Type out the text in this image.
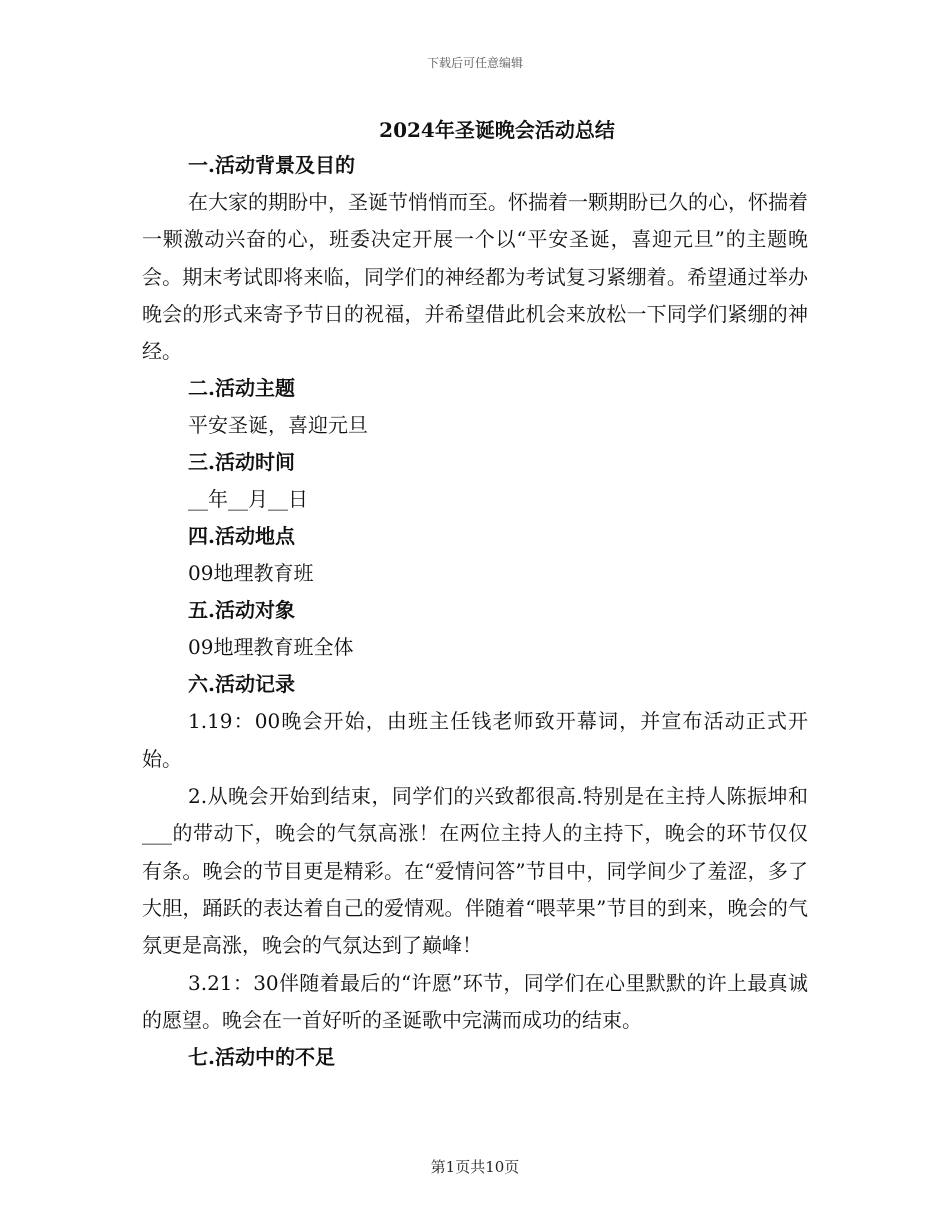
下载后可任意编辑
2024年圣诞晚会活动总结
一.活动背景及目的

在大家的期盼中，圣诞节悄悄而至。怀揣着一颗期盼已久的心，怀揣着一颗激动兴奋的心，班委决定开展一个以“平安圣诞，喜迎元旦”的主题晚会。期末考试即将来临，同学们的神经都为考试复习紧绷着。希望通过举办晚会的形式来寄予节日的祝福，并希望借此机会来放松一下同学们紧绷的神经。

二.活动主题
平安圣诞，喜迎元旦
三.活动时间
__年__月__日
四.活动地点
09地理教育班
五.活动对象
09地理教育班全体
六.活动记录

1.19：00晚会开始，由班主任钱老师致开幕词，并宣布活动正式开始。

2.从晚会开始到结束，同学们的兴致都很高.特别是在主持人陈振坤和___的带动下，晚会的气氛高涨！在两位主持人的主持下，晚会的环节仅仅有条。晚会的节目更是精彩。在“爱情问答”节目中，同学间少了羞涩，多了大胆，踊跃的表达着自己的爱情观。伴随着“喂苹果”节目的到来，晚会的气氛更是高涨，晚会的气氛达到了巅峰！

3.21：30伴随着最后的“许愿”环节，同学们在心里默默的许上最真诚的愿望。晚会在一首好听的圣诞歌中完满而成功的结束。

七.活动中的不足
第1页共10页
